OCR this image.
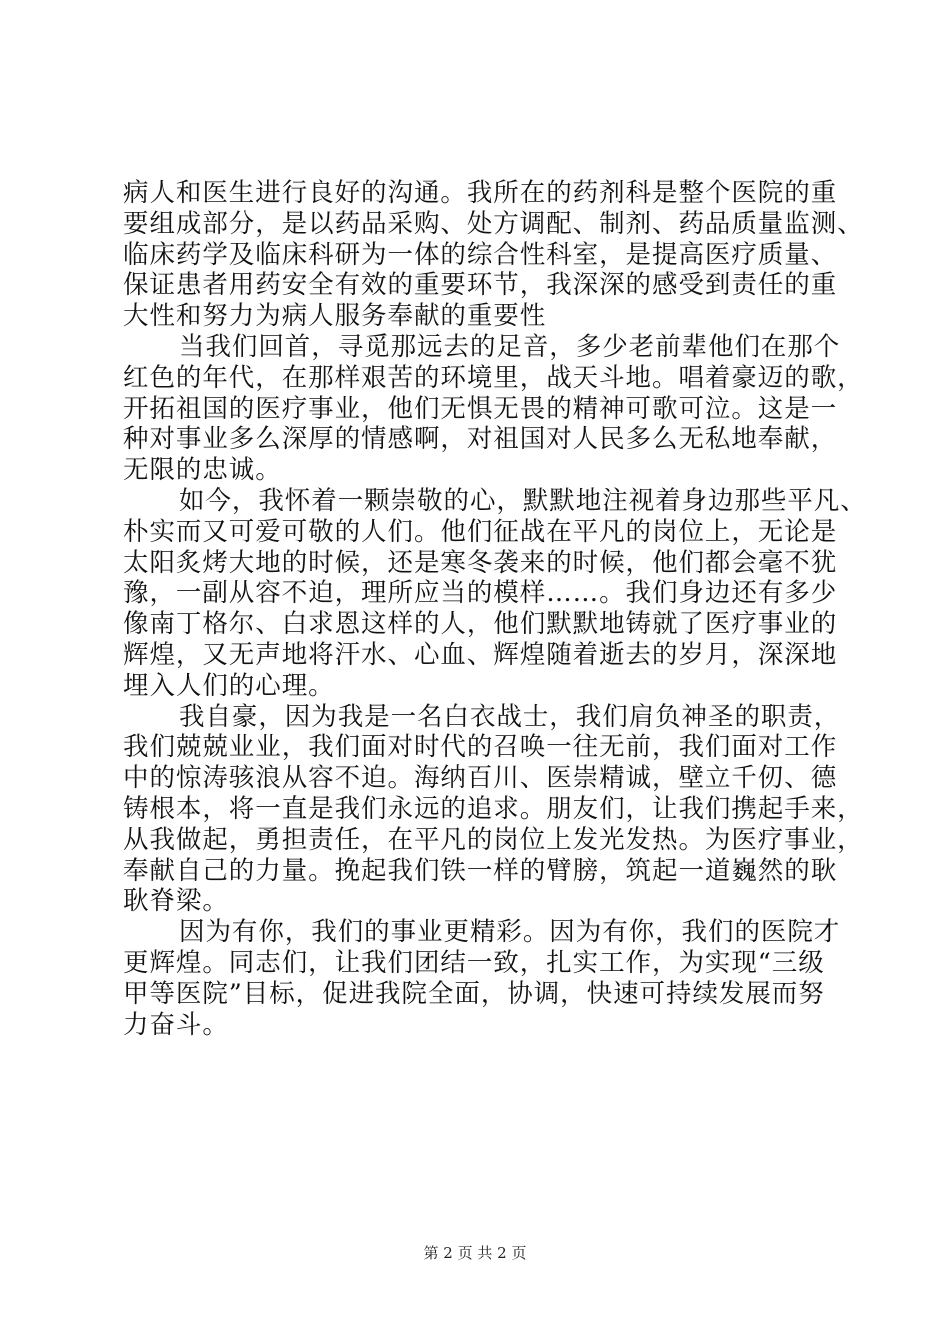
病人和医生进行良好的沟通。我所在的药剂科是整个医院的重
要组成部分，是以药品采购、处方调配、制剂、药品质量监测、
临床药学及临床科研为一体的综合性科室，是提高医疗质量、
保证患者用药安全有效的重要环节，我深深的感受到责任的重
大性和努力为病人服务奉献的重要性
当我们回首，寻觅那远去的足音，多少老前辈他们在那个
红色的年代，在那样艰苦的环境里，战天斗地。唱着豪迈的歌，
开拓祖国的医疗事业，他们无惧无畏的精神可歌可泣。这是一
种对事业多么深厚的情感啊，对祖国对人民多么无私地奉献，
无限的忠诚。
如今，我怀着一颗崇敬的心，默默地注视着身边那些平凡、
朴实而又可爱可敬的人们。他们征战在平凡的岗位上，无论是
太阳炙烤大地的时候，还是寒冬袭来的时候，他们都会毫不犹
豫，一副从容不迫，理所应当的模样……。我们身边还有多少
像南丁格尔、白求恩这样的人，他们默默地铸就了医疗事业的
辉煌，又无声地将汗水、心血、辉煌随着逝去的岁月，深深地
埋入人们的心理。
我自豪，因为我是一名白衣战士，我们肩负神圣的职责，
我们兢兢业业，我们面对时代的召唤一往无前，我们面对工作
中的惊涛骇浪从容不迫。海纳百川、医崇精诚，壁立千仞、德
铸根本，将一直是我们永远的追求。朋友们，让我们携起手来，
从我做起，勇担责任，在平凡的岗位上发光发热。为医疗事业，
奉献自己的力量。挽起我们铁一样的臂膀，筑起一道巍然的耿
耿脊梁。
因为有你，我们的事业更精彩。因为有你，我们的医院才
更辉煌。同志们，让我们团结一致，扎实工作，为实现“三级
甲等医院”目标，促进我院全面，协调，快速可持续发展而努
力奋斗。
第 2 页 共 2 页
